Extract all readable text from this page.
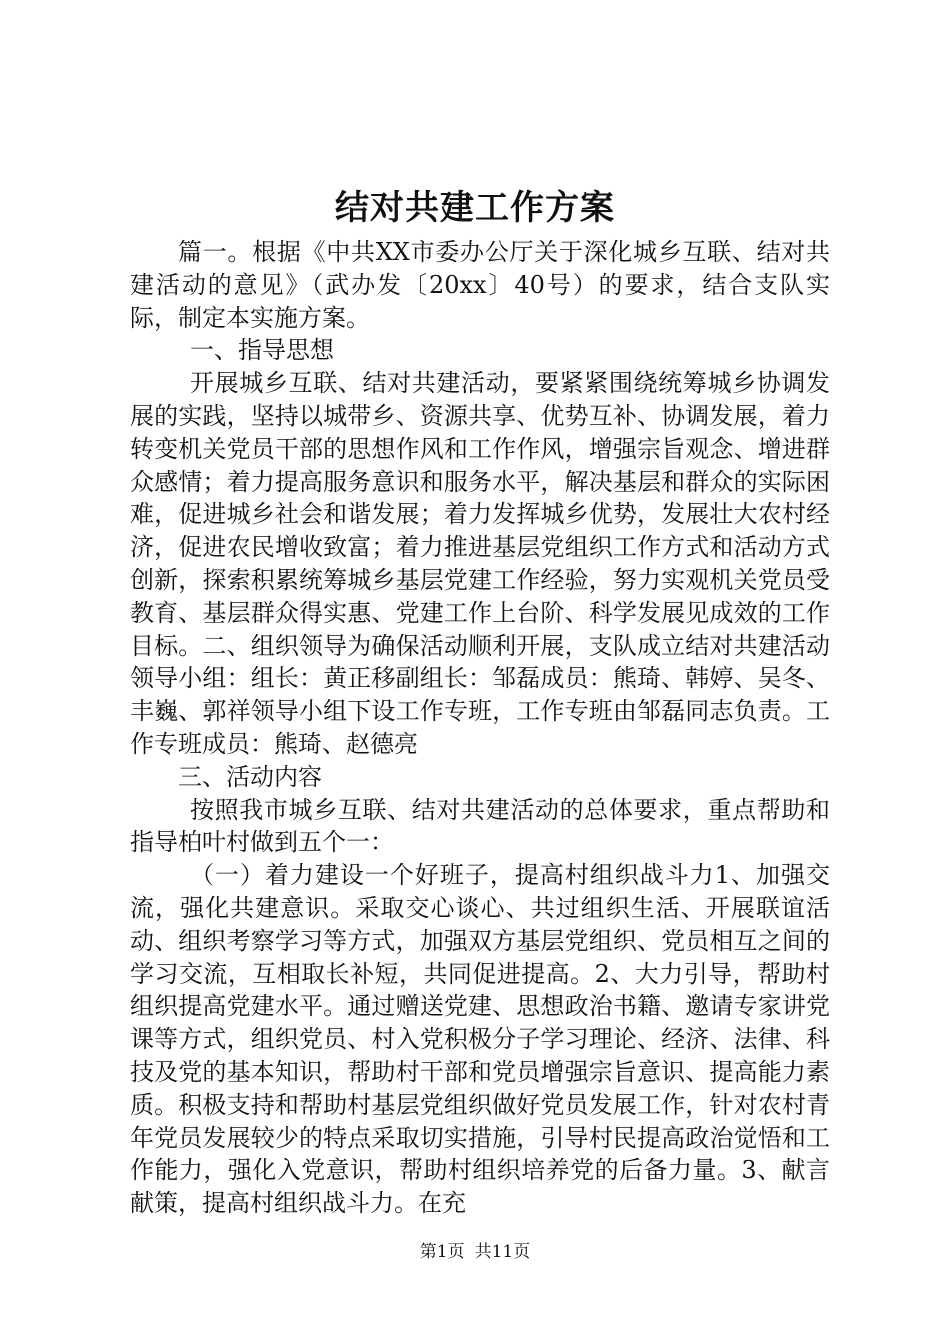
结对共建工作方案

篇一。根据《中共XX市委办公厅关于深化城乡互联、结对共建活动的意见》（武办发〔20xx〕40号）的要求，结合支队实际，制定本实施方案。

一、指导思想

开展城乡互联、结对共建活动，要紧紧围绕统筹城乡协调发展的实践，坚持以城带乡、资源共享、优势互补、协调发展，着力转变机关党员干部的思想作风和工作作风，增强宗旨观念、增进群众感情；着力提高服务意识和服务水平，解决基层和群众的实际困难，促进城乡社会和谐发展；着力发挥城乡优势，发展壮大农村经济，促进农民增收致富；着力推进基层党组织工作方式和活动方式创新，探索积累统筹城乡基层党建工作经验，努力实观机关党员受教育、基层群众得实惠、党建工作上台阶、科学发展见成效的工作目标。二、组织领导为确保活动顺利开展，支队成立结对共建活动领导小组：组长：黄正移副组长：邹磊成员：熊琦、韩婷、吴冬、丰巍、郭祥领导小组下设工作专班，工作专班由邹磊同志负责。工作专班成员：熊琦、赵德亮

三、活动内容

按照我市城乡互联、结对共建活动的总体要求，重点帮助和指导柏叶村做到五个一：

（一）着力建设一个好班子，提高村组织战斗力1、加强交流，强化共建意识。采取交心谈心、共过组织生活、开展联谊活动、组织考察学习等方式，加强双方基层党组织、党员相互之间的学习交流，互相取长补短，共同促进提高。2、大力引导，帮助村组织提高党建水平。通过赠送党建、思想政治书籍、邀请专家讲党课等方式，组织党员、村入党积极分子学习理论、经济、法律、科技及党的基本知识，帮助村干部和党员增强宗旨意识、提高能力素质。积极支持和帮助村基层党组织做好党员发展工作，针对农村青年党员发展较少的特点采取切实措施，引导村民提高政治觉悟和工作能力，强化入党意识，帮助村组织培养党的后备力量。3、献言献策，提高村组织战斗力。在充

第1页 共11页
